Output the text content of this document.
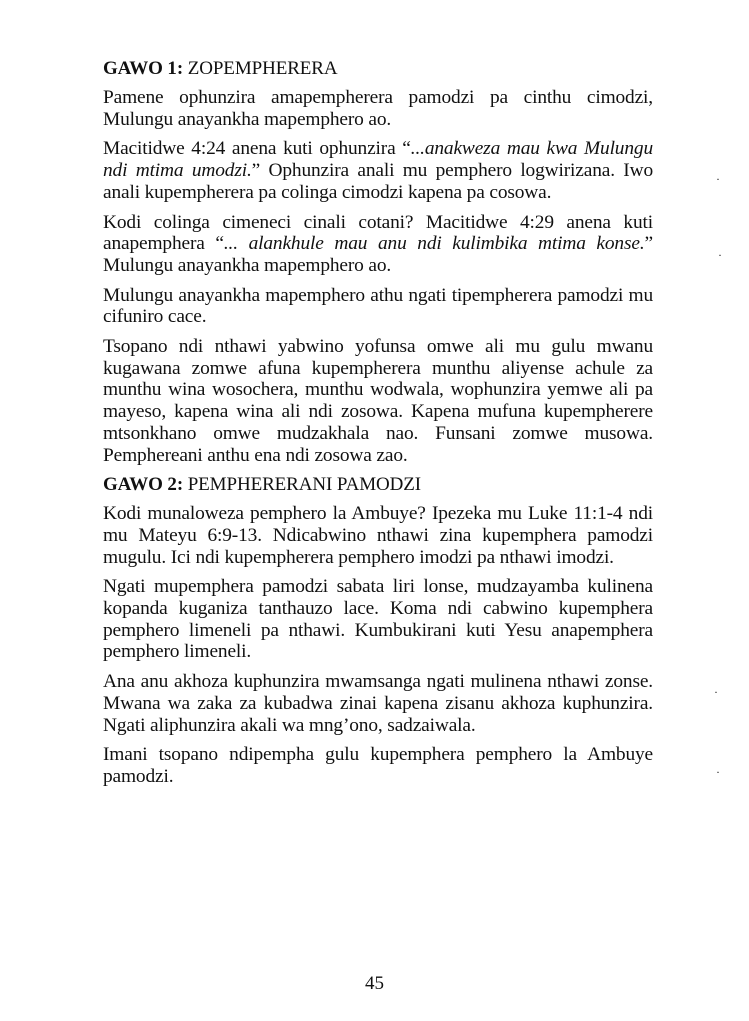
GAWO 1: ZOPEMPHERERA

Pamene ophunzira amapempherera pamodzi pa cinthu cimodzi, Mulungu anayankha mapemphero ao.

Macitidwe 4:24 anena kuti ophunzira “...anakweza mau kwa Mulungu ndi mtima umodzi.” Ophunzira anali mu pemphero logwirizana. Iwo anali kupempherera pa colinga cimodzi kapena pa cosowa.

Kodi colinga cimeneci cinali cotani? Macitidwe 4:29 anena kuti anapemphera “... alankhule mau anu ndi kulimbika mtima konse.” Mulungu anayankha mapemphero ao.

Mulungu anayankha mapemphero athu ngati tipempherera pamodzi mu cifuniro cace.

Tsopano ndi nthawi yabwino yofunsa omwe ali mu gulu mwanu kugawana zomwe afuna kupempherera munthu aliyense achule za munthu wina wosochera, munthu wodwala, wophunzira yemwe ali pa mayeso, kapena wina ali ndi zosowa. Kapena mufuna kupempherere mtsonkhano omwe mudzakhala nao. Funsani zomwe musowa. Pemphereani anthu ena ndi zosowa zao.

GAWO 2: PEMPHERERANI PAMODZI

Kodi munaloweza pemphero la Ambuye? Ipezeka mu Luke 11:1-4 ndi mu Mateyu 6:9-13. Ndicabwino nthawi zina kupemphera pamodzi mugulu. Ici ndi kupempherera pemphero imodzi pa nthawi imodzi.

Ngati mupemphera pamodzi sabata liri lonse, mudzayamba kulinena kopanda kuganiza tanthauzo lace. Koma ndi cabwino kupemphera pemphero limeneli pa nthawi. Kumbukirani kuti Yesu anapemphera pemphero limeneli.

Ana anu akhoza kuphunzira mwamsanga ngati mulinena nthawi zonse. Mwana wa zaka za kubadwa zinai kapena zisanu akhoza kuphunzira. Ngati aliphunzira akali wa mng’ono, sadzaiwala.

Imani tsopano ndipempha gulu kupemphera pemphero la Ambuye pamodzi.

·
·
·
·
45
